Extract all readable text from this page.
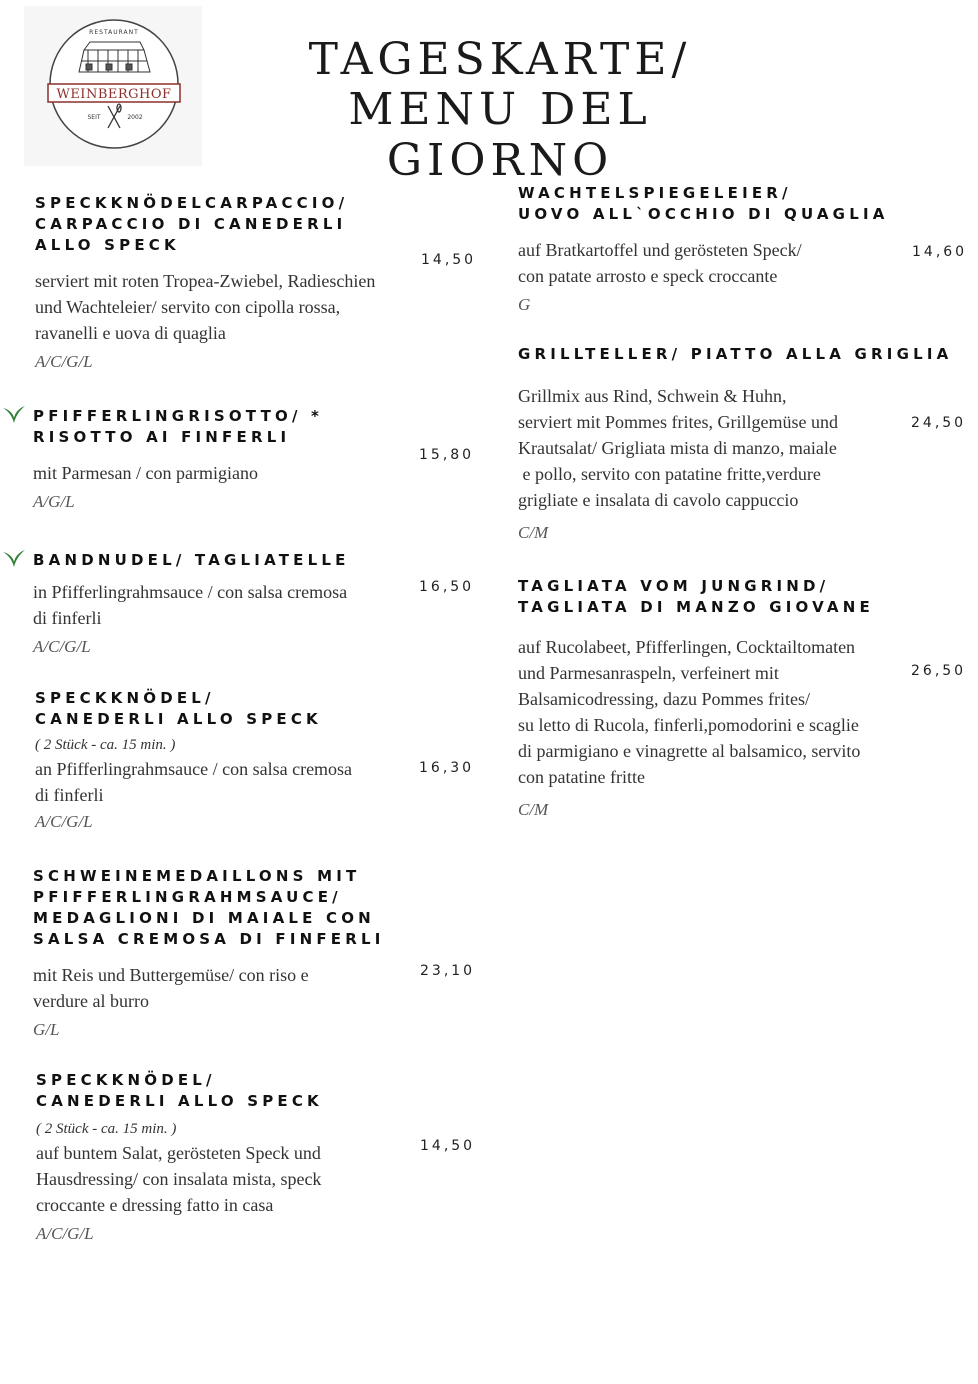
RESTAURANT
WEINBERGHOF
SEIT	2002
TAGESKARTE/
MENU DEL GIORNO

SPECKKNÖDELCARPACCIO/

CARPACCIO DI CANEDERLI

ALLO SPECK

serviert mit roten Tropea-Zwiebel, Radieschien

und Wachteleier/ servito con cipolla rossa,

ravanelli e uova di quaglia

A/C/G/L

14,50

PFIFFERLINGRISOTTO/ *

RISOTTO AI FINFERLI

mit Parmesan / con parmigiano

A/G/L

15,80

BANDNUDEL/ TAGLIATELLE

in Pfifferlingrahmsauce / con salsa cremosa

di finferli

A/C/G/L

16,50

SPECKKNÖDEL/

CANEDERLI ALLO SPECK

( 2 Stück - ca. 15 min. )

an Pfifferlingrahmsauce / con salsa cremosa

di finferli

A/C/G/L

16,30

SCHWEINEMEDAILLONS MIT

PFIFFERLINGRAHMSAUCE/

MEDAGLIONI DI MAIALE CON

SALSA CREMOSA DI FINFERLI

mit Reis und Buttergemüse/ con riso e

verdure al burro

G/L

23,10

SPECKKNÖDEL/

CANEDERLI ALLO SPECK

( 2 Stück - ca. 15 min. )

auf buntem Salat, gerösteten Speck und

Hausdressing/ con insalata mista, speck

croccante e dressing fatto in casa

A/C/G/L

14,50

WACHTELSPIEGELEIER/

UOVO ALL`OCCHIO DI QUAGLIA

auf Bratkartoffel und gerösteten Speck/

con patate arrosto e speck croccante

G

14,60

GRILLTELLER/ PIATTO ALLA GRIGLIA

Grillmix aus Rind, Schwein & Huhn,

serviert mit Pommes frites, Grillgemüse und

Krautsalat/ Grigliata mista di manzo, maiale

e pollo, servito con patatine fritte,verdure

grigliate e insalata di cavolo cappuccio

C/M

24,50

TAGLIATA VOM JUNGRIND/

TAGLIATA DI MANZO GIOVANE

auf Rucolabeet, Pfifferlingen, Cocktailtomaten

und Parmesanraspeln, verfeinert mit

Balsamicodressing, dazu Pommes frites/

su letto di Rucola, finferli,pomodorini e scaglie

di parmigiano e vinagrette al balsamico, servito

con patatine fritte

C/M

26,50
